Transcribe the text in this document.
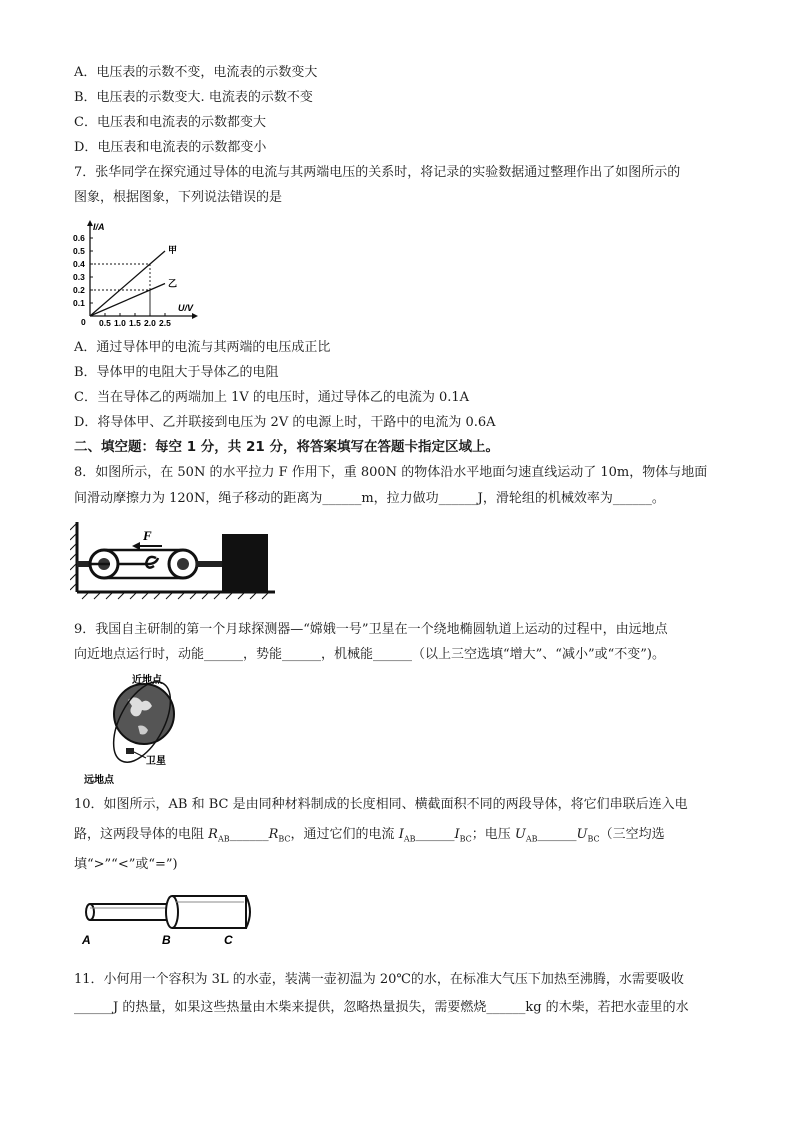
A．电压表的示数不变，电流表的示数变大
B．电压表的示数变大. 电流表的示数不变
C．电压表和电流表的示数都变大
D．电压表和电流表的示数都变小
7．张华同学在探究通过导体的电流与其两端电压的关系时，将记录的实验数据通过整理作出了如图所示的
图象，根据图象，下列说法错误的是
I/A
U/V
0
0.6
0.5
0.4
0.3
0.2
0.1
0.5 1.0 1.5 2.0 2.5
甲
乙
A．通过导体甲的电流与其两端的电压成正比
B．导体甲的电阻大于导体乙的电阻
C．当在导体乙的两端加上 1V 的电压时，通过导体乙的电流为 0.1A
D．将导体甲、乙并联接到电压为 2V 的电源上时，干路中的电流为 0.6A
二、填空题：每空 1 分，共 21 分，将答案填写在答题卡指定区域上。
8．如图所示，在 50N 的水平拉力 F 作用下，重 800N 的物体沿水平地面匀速直线运动了 10m，物体与地面
间滑动摩擦力为 120N，绳子移动的距离为______m，拉力做功______J，滑轮组的机械效率为______。
F
9．我国自主研制的第一个月球探测器—“嫦娥一号”卫星在一个绕地椭圆轨道上运动的过程中，由远地点
向近地点运行时，动能______，势能______，机械能______（以上三空选填“增大”、“减小”或“不变”)。
近地点
卫星
远地点
10．如图所示，AB 和 BC 是由同种材料制成的长度相同、横截面积不同的两段导体，将它们串联后连入电
路，这两段导体的电阻 $R_{AB}\_\_\_\_\_\_R_{BC}$，通过它们的电流 $I_{AB}\_\_\_\_\_\_I_{BC}$；电压 $U_{AB}\_\_\_\_\_\_U_{BC}$（三空均选
填“>”“<”或“=”)
A	B	C
11．小何用一个容积为 3L 的水壶，装满一壶初温为 20℃的水，在标准大气压下加热至沸腾，水需要吸收
______J 的热量，如果这些热量由木柴来提供，忽略热量损失，需要燃烧______kg 的木柴，若把水壶里的水
